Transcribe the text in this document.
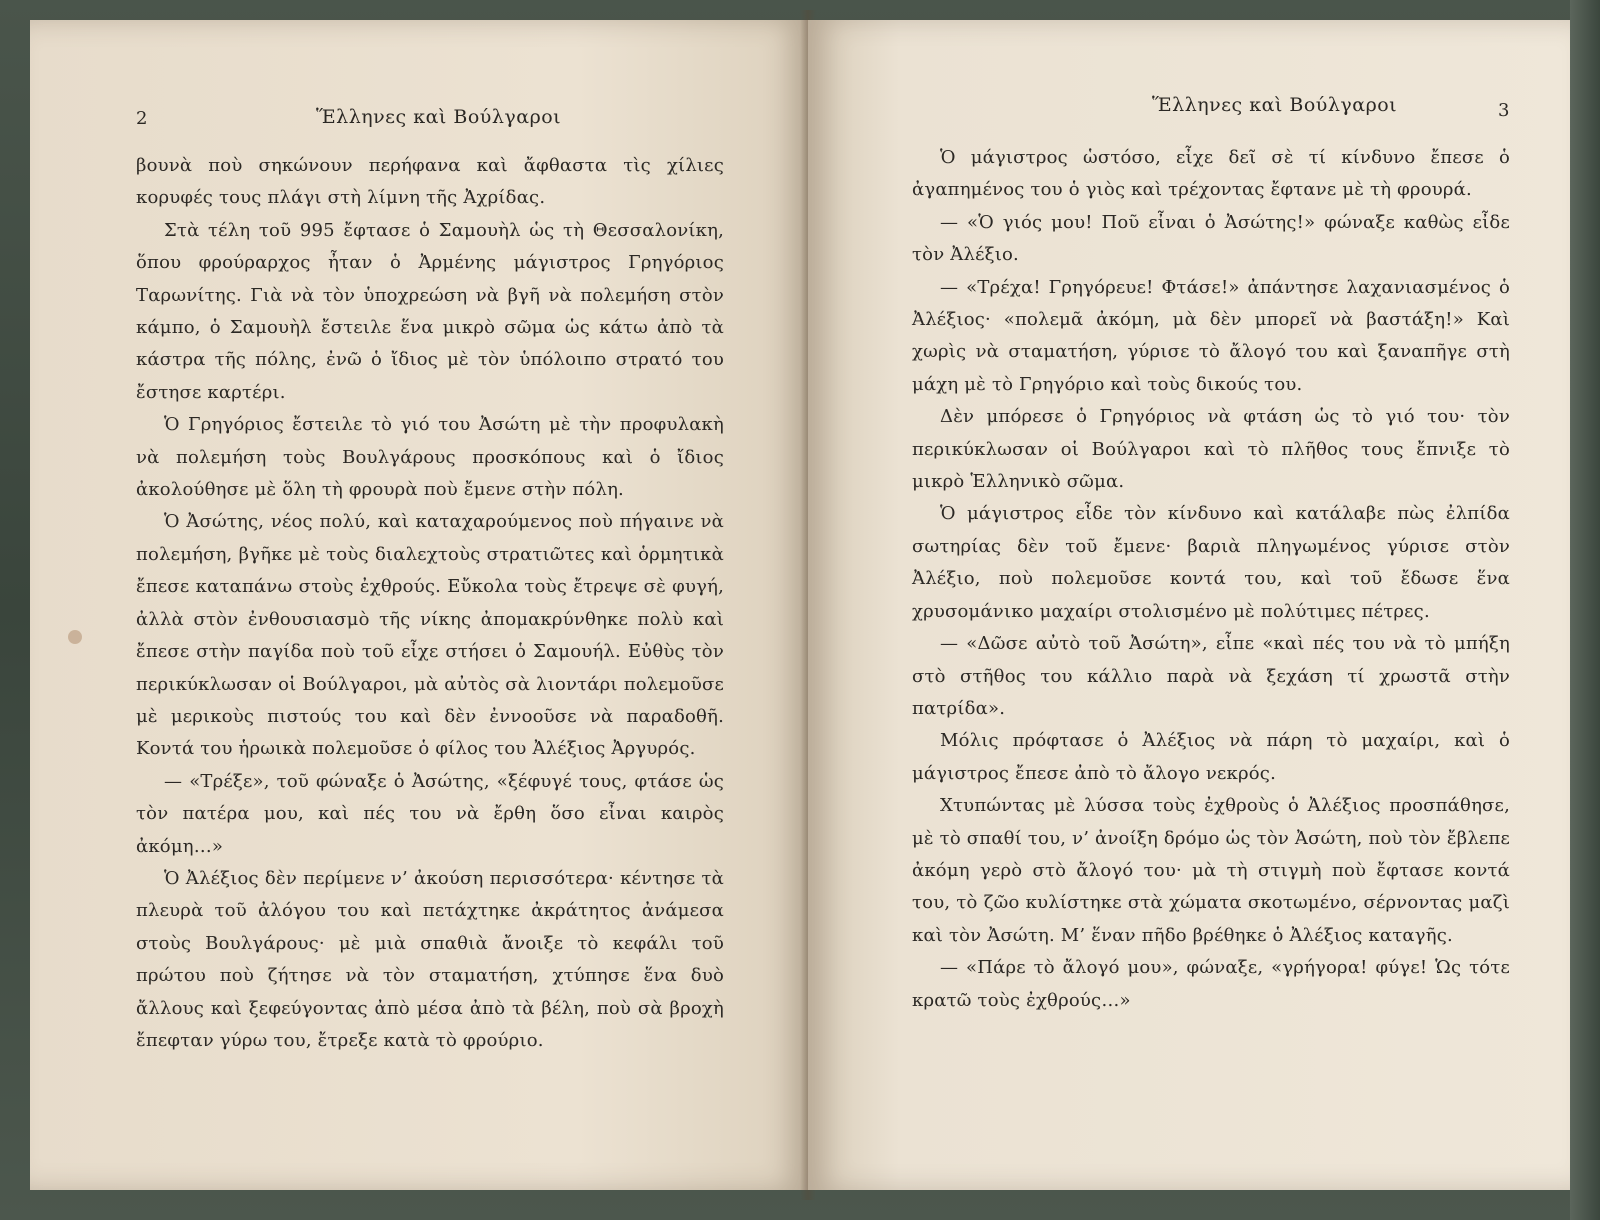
2	Ἕλληνες καὶ Βούλγαροι

βουνὰ ποὺ σηκώνουν περήφανα καὶ ἄφθαστα τὶς χίλιες κορυφές τους πλάγι στὴ λίμνη τῆς Ἀχρίδας.

Στὰ τέλη τοῦ 995 ἔφτασε ὁ Σαμουὴλ ὡς τὴ Θεσσαλονίκη, ὅπου φρούραρχος ἦταν ὁ Ἀρμένης μάγιστρος Γρηγόριος Ταρωνίτης. Γιὰ νὰ τὸν ὑποχρεώση νὰ βγῆ νὰ πολεμήση στὸν κάμπο, ὁ Σαμουὴλ ἔστειλε ἕνα μικρὸ σῶμα ὡς κάτω ἀπὸ τὰ κάστρα τῆς πόλης, ἐνῶ ὁ ἴδιος μὲ τὸν ὑπόλοιπο στρατό του ἔστησε καρτέρι.

Ὁ Γρηγόριος ἔστειλε τὸ γιό του Ἀσώτη μὲ τὴν προφυλακὴ νὰ πολεμήση τοὺς Βουλγάρους προσκόπους καὶ ὁ ἴδιος ἀκολούθησε μὲ ὅλη τὴ φρουρὰ ποὺ ἔμενε στὴν πόλη.

Ὁ Ἀσώτης, νέος πολύ, καὶ καταχαρούμενος ποὺ πήγαινε νὰ πολεμήση, βγῆκε μὲ τοὺς διαλεχτοὺς στρατιῶτες καὶ ὁρμητικὰ ἔπεσε καταπάνω στοὺς ἐχθρούς. Εὔκολα τοὺς ἔτρεψε σὲ φυγή, ἀλλὰ στὸν ἐνθουσιασμὸ τῆς νίκης ἀπομακρύνθηκε πολὺ καὶ ἔπεσε στὴν παγίδα ποὺ τοῦ εἶχε στήσει ὁ Σαμουήλ. Εὐθὺς τὸν περικύκλωσαν οἱ Βούλγαροι, μὰ αὐτὸς σὰ λιοντάρι πολεμοῦσε μὲ μερικοὺς πιστούς του καὶ δὲν ἐννοοῦσε νὰ παραδοθῆ. Κοντά του ἡρωικὰ πολεμοῦσε ὁ φίλος του Ἀλέξιος Ἀργυρός.

— «Τρέξε», τοῦ φώναξε ὁ Ἀσώτης, «ξέφυγέ τους, φτάσε ὡς τὸν πατέρα μου, καὶ πές του νὰ ἔρθη ὅσο εἶναι καιρὸς ἀκόμη…»

Ὁ Ἀλέξιος δὲν περίμενε ν’ ἀκούση περισσότερα· κέντησε τὰ πλευρὰ τοῦ ἀλόγου του καὶ πετάχτηκε ἀκράτητος ἀνάμεσα στοὺς Βουλγάρους· μὲ μιὰ σπαθιὰ ἄνοιξε τὸ κεφάλι τοῦ πρώτου ποὺ ζήτησε νὰ τὸν σταματήση, χτύπησε ἕνα δυὸ ἄλλους καὶ ξεφεύγοντας ἀπὸ μέσα ἀπὸ τὰ βέλη, ποὺ σὰ βροχὴ ἔπεφταν γύρω του, ἔτρεξε κατὰ τὸ φρούριο.

Ἕλληνες καὶ Βούλγαροι	3

Ὁ μάγιστρος ὡστόσο, εἶχε δεῖ σὲ τί κίνδυνο ἔπεσε ὁ ἀγαπημένος του ὁ γιὸς καὶ τρέχοντας ἔφτανε μὲ τὴ φρουρά.

— «Ὁ γιός μου! Ποῦ εἶναι ὁ Ἀσώτης!» φώναξε καθὼς εἶδε τὸν Ἀλέξιο.

— «Τρέχα! Γρηγόρευε! Φτάσε!» ἀπάντησε λαχανιασμένος ὁ Ἀλέξιος· «πολεμᾶ ἀκόμη, μὰ δὲν μπορεῖ νὰ βαστάξη!» Καὶ χωρὶς νὰ σταματήση, γύρισε τὸ ἄλογό του καὶ ξαναπῆγε στὴ μάχη μὲ τὸ Γρηγόριο καὶ τοὺς δικούς του.

Δὲν μπόρεσε ὁ Γρηγόριος νὰ φτάση ὡς τὸ γιό του· τὸν περικύκλωσαν οἱ Βούλγαροι καὶ τὸ πλῆθος τους ἔπνιξε τὸ μικρὸ Ἑλληνικὸ σῶμα.

Ὁ μάγιστρος εἶδε τὸν κίνδυνο καὶ κατάλαβε πὼς ἐλπίδα σωτηρίας δὲν τοῦ ἔμενε· βαριὰ πληγωμένος γύρισε στὸν Ἀλέξιο, ποὺ πολεμοῦσε κοντά του, καὶ τοῦ ἔδωσε ἕνα χρυσομάνικο μαχαίρι στολισμένο μὲ πολύτιμες πέτρες.

— «Δῶσε αὐτὸ τοῦ Ἀσώτη», εἶπε «καὶ πές του νὰ τὸ μπήξη στὸ στῆθος του κάλλιο παρὰ νὰ ξεχάση τί χρωστᾶ στὴν πατρίδα».

Μόλις πρόφτασε ὁ Ἀλέξιος νὰ πάρη τὸ μαχαίρι, καὶ ὁ μάγιστρος ἔπεσε ἀπὸ τὸ ἄλογο νεκρός.

Χτυπώντας μὲ λύσσα τοὺς ἐχθροὺς ὁ Ἀλέξιος προσπάθησε, μὲ τὸ σπαθί του, ν’ ἀνοίξη δρόμο ὡς τὸν Ἀσώτη, ποὺ τὸν ἔβλεπε ἀκόμη γερὸ στὸ ἄλογό του· μὰ τὴ στιγμὴ ποὺ ἔφτασε κοντά του, τὸ ζῶο κυλίστηκε στὰ χώματα σκοτωμένο, σέρνοντας μαζὶ καὶ τὸν Ἀσώτη. Μ’ ἕναν πῆδο βρέθηκε ὁ Ἀλέξιος καταγῆς.

— «Πάρε τὸ ἄλογό μου», φώναξε, «γρήγορα! φύγε! Ὡς τότε κρατῶ τοὺς ἐχθρούς…»
